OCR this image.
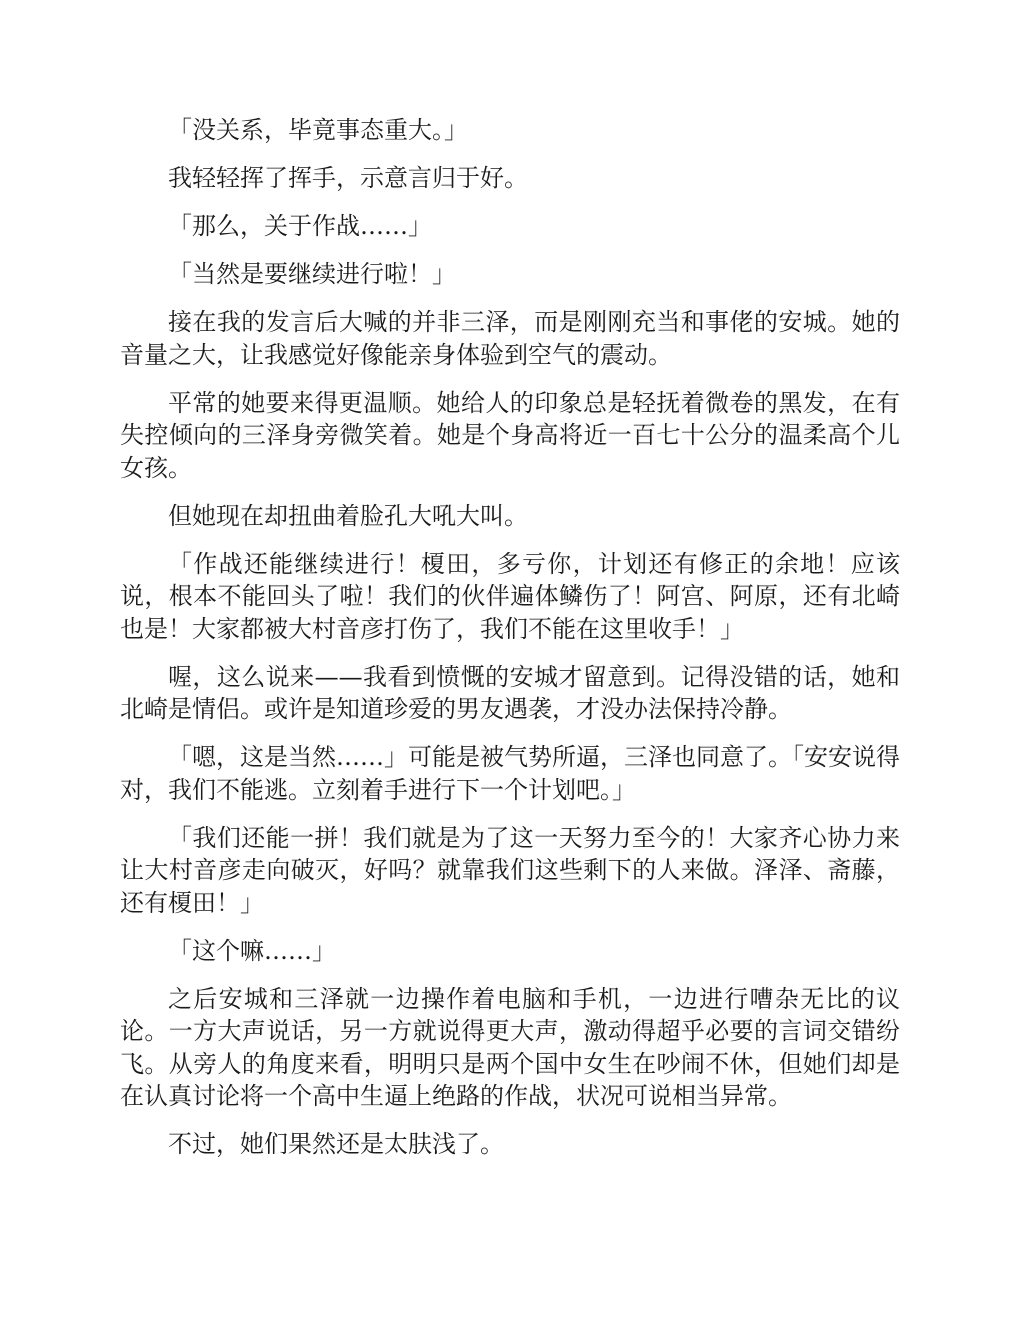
「没关系，毕竟事态重大。」

我轻轻挥了挥手，示意言归于好。

「那么，关于作战……」

「当然是要继续进行啦！」

接在我的发言后大喊的并非三泽，而是刚刚充当和事佬的安城。她的音量之大，让我感觉好像能亲身体验到空气的震动。

平常的她要来得更温顺。她给人的印象总是轻抚着微卷的黑发，在有失控倾向的三泽身旁微笑着。她是个身高将近一百七十公分的温柔高个儿女孩。

但她现在却扭曲着脸孔大吼大叫。

「作战还能继续进行！榎田，多亏你，计划还有修正的余地！应该说，根本不能回头了啦！我们的伙伴遍体鳞伤了！阿宫、阿原，还有北崎也是！大家都被大村音彦打伤了，我们不能在这里收手！」

喔，这么说来——我看到愤慨的安城才留意到。记得没错的话，她和北崎是情侣。或许是知道珍爱的男友遇袭，才没办法保持冷静。

「嗯，这是当然……」可能是被气势所逼，三泽也同意了。「安安说得对，我们不能逃。立刻着手进行下一个计划吧。」

「我们还能一拼！我们就是为了这一天努力至今的！大家齐心协力来让大村音彦走向破灭，好吗？就靠我们这些剩下的人来做。泽泽、斋藤，还有榎田！」

「这个嘛……」

之后安城和三泽就一边操作着电脑和手机，一边进行嘈杂无比的议论。一方大声说话，另一方就说得更大声，激动得超乎必要的言词交错纷飞。从旁人的角度来看，明明只是两个国中女生在吵闹不休，但她们却是在认真讨论将一个高中生逼上绝路的作战，状况可说相当异常。

不过，她们果然还是太肤浅了。
